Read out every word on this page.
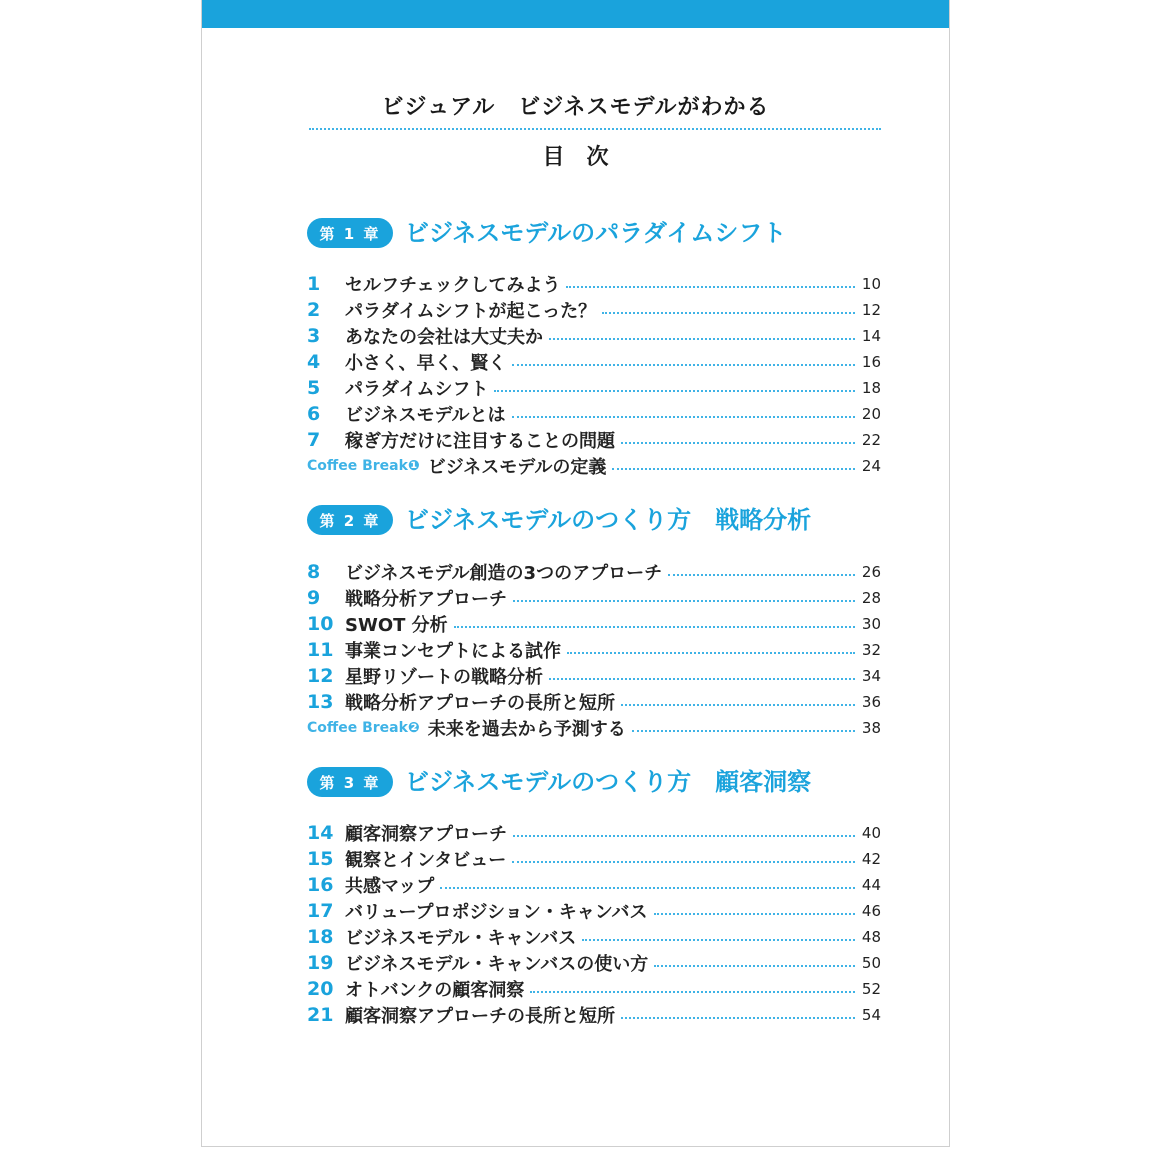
ビジュアル　ビジネスモデルがわかる
目　次
第 1 章	ビジネスモデルのパラダイムシフト
1	セルフチェックしてみよう	10
2	パラダイムシフトが起こった？	12
3	あなたの会社は大丈夫か	14
4	小さく、早く、賢く	16
5	パラダイムシフト	18
6	ビジネスモデルとは	20
7	稼ぎ方だけに注目することの問題	22
Coffee Break❶ ビジネスモデルの定義	24
第 2 章	ビジネスモデルのつくり方　戦略分析
8	ビジネスモデル創造の3つのアプローチ	26
9	戦略分析アプローチ	28
10 SWOT 分析	30
11 事業コンセプトによる試作	32
12 星野リゾートの戦略分析	34
13 戦略分析アプローチの長所と短所	36
Coffee Break❷ 未来を過去から予測する	38
第 3 章	ビジネスモデルのつくり方　顧客洞察
14 顧客洞察アプローチ	40
15 観察とインタビュー	42
16 共感マップ	44
17 バリュープロポジション・キャンバス	46
18 ビジネスモデル・キャンバス	48
19 ビジネスモデル・キャンバスの使い方	50
20 オトバンクの顧客洞察	52
21 顧客洞察アプローチの長所と短所	54
